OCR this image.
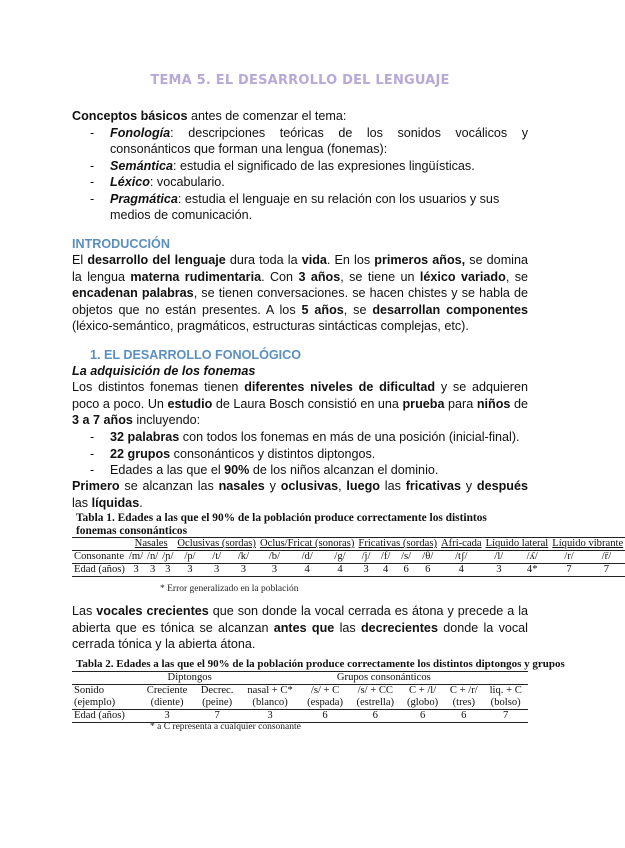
TEMA 5. EL DESARROLLO DEL LENGUAJE
Conceptos básicos antes de comenzar el tema:
- Fonología: descripciones teóricas de los sonidos vocálicos y consonánticos que forman una lengua (fonemas):
- Semántica: estudia el significado de las expresiones lingüísticas.
- Léxico: vocabulario.
- Pragmática: estudia el lenguaje en su relación con los usuarios y sus medios de comunicación.
INTRODUCCIÓN
El desarrollo del lenguaje dura toda la vida. En los primeros años, se domina la lengua materna rudimentaria. Con 3 años, se tiene un léxico variado, se encadenan palabras, se tienen conversaciones. se hacen chistes y se habla de objetos que no están presentes. A los 5 años, se desarrollan componentes (léxico-semántico, pragmáticos, estructuras sintácticas complejas, etc).
1. EL DESARROLLO FONOLÓGICO
La adquisición de los fonemas
Los distintos fonemas tienen diferentes niveles de dificultad y se adquieren poco a poco. Un estudio de Laura Bosch consistió en una prueba para niños de 3 a 7 años incluyendo:
- 32 palabras con todos los fonemas en más de una posición (inicial-final).
- 22 grupos consonánticos y distintos diptongos.
- Edades a las que el 90% de los niños alcanzan el dominio.
Primero se alcanzan las nasales y oclusivas, luego las fricativas y después las líquidas.
Tabla 1. Edades a las que el 90% de la población produce correctamente los distintos fonemas consonánticos
	Nasales			Oclusivas (sordas)			Oclus/Fricat (sonoras)			Fricativas (sordas)				Afri-cada	Líquido lateral		Líquido vibrante	
Consonante	/m/	/n/	/ɲ/	/p/	/t/	/k/	/b/	/d/	/g/	/j/	/f/	/s/	/θ/	/tʃ/	/l/	/ʎ/	/r/	/r̄/
Edad (años)	3	3	3	3	3	3	3	4	4	3	4	6	6	4	3	4*	7	7
* Error generalizado en la población
Las vocales crecientes que son donde la vocal cerrada es átona y precede a la abierta que es tónica se alcanzan antes que las decrecientes donde la vocal cerrada tónica y la abierta átona.
Tabla 2. Edades a las que el 90% de la población produce correctamente los distintos diptongos y grupos
	Diptongos		Grupos consonánticos					
Sonido	Creciente	Decrec.	nasal + C*	/s/ + C	/s/ + CC	C + /l/	C + /r/	liq. + C
(ejemplo)	(diente)	(peine)	(blanco)	(espada)	(estrella)	(globo)	(tres)	(bolso)
Edad (años)	3	7	3	6	6	6	6	7
* a C representa a cualquier consonante
